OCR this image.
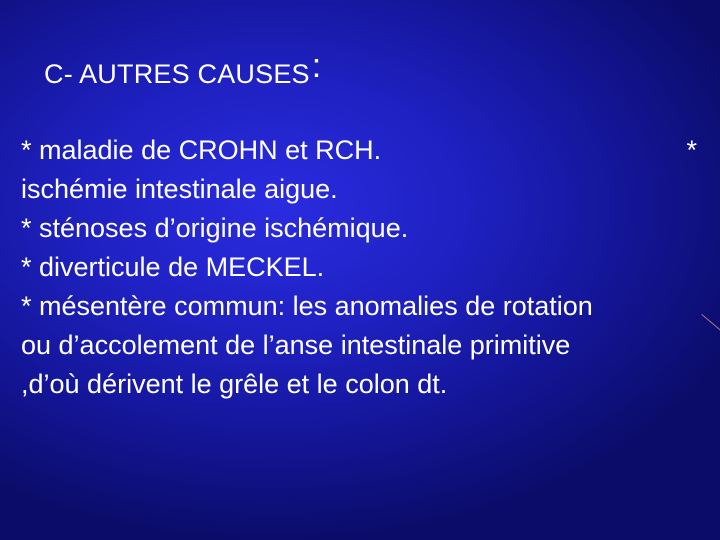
C- AUTRES CAUSES:
* maladie de CROHN et RCH.	*
ischémie intestinale aigue.
* sténoses d’origine ischémique.
* diverticule de MECKEL.
* mésentère commun: les anomalies de rotation
ou d’accolement de l’anse intestinale primitive
,d’où dérivent le grêle et le colon dt.
